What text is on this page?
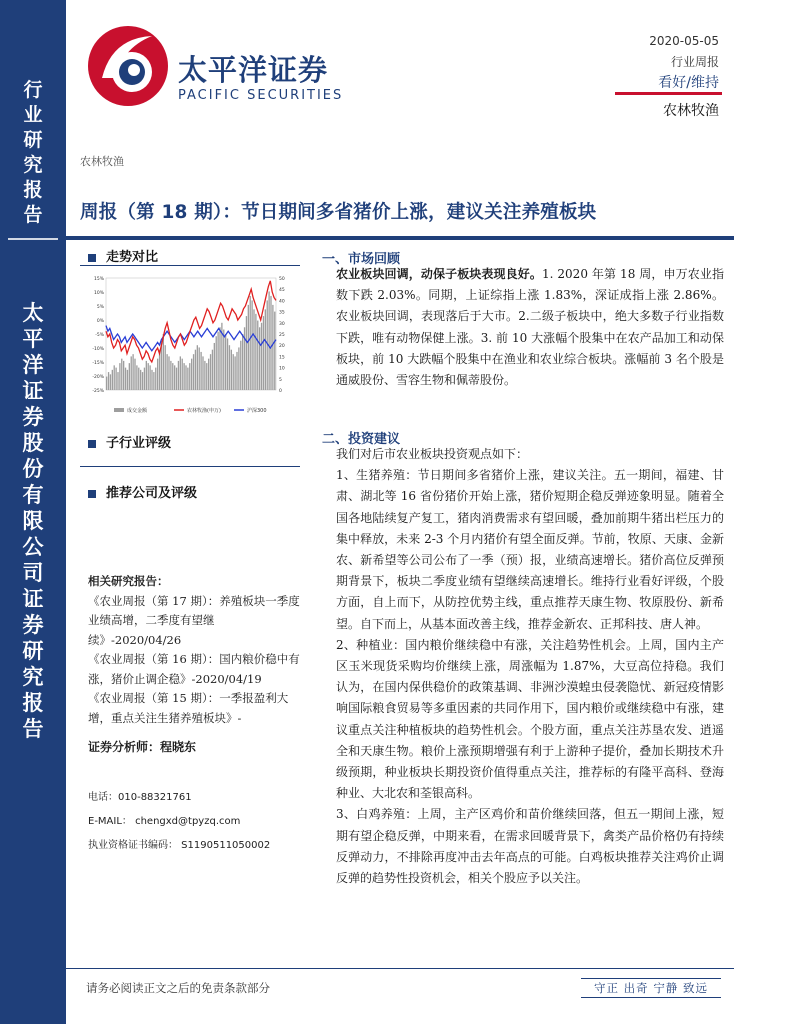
行
业
研
究
报
告
太
平
洋
证
券
股
份
有
限
公
司
证
券
研
究
报
告
太平洋证券
PACIFIC SECURITIES
2020-05-05
行业周报
看好/维持
农林牧渔
农林牧渔
周报（第 18 期）：节日期间多省猪价上涨，建议关注养殖板块
走势对比
15%
10%
5%
0%
-5%
-10%
-15%
-20%
-25%
50
45
40
35
30
25
20
15
10
5
0
成交金额	农林牧渔(申万)	沪深300
子行业评级
推荐公司及评级
相关研究报告：
《农业周报（第 17 期）：养殖板块一季度业绩高增，二季度有望继续》-2020/04/26
《农业周报（第 16 期）：国内粮价稳中有涨，猪价止调企稳》-2020/04/19
《农业周报（第 15 期）：一季报盈利大增，重点关注生猪养殖板块》-
证券分析师：程晓东
电话：010-88321761
E-MAIL： chengxd@tpyzq.com
执业资格证书编码： S1190511050002
一、市场回顾
农业板块回调，动保子板块表现良好。1. 2020 年第 18 周，申万农业指数下跌 2.03%。同期，上证综指上涨 1.83%，深证成指上涨 2.86%。农业板块回调，表现落后于大市。2.二级子板块中，绝大多数子行业指数下跌，唯有动物保健上涨。3. 前 10 大涨幅个股集中在农产品加工和动保板块，前 10 大跌幅个股集中在渔业和农业综合板块。涨幅前 3 名个股是通威股份、雪容生物和佩蒂股份。
二、投资建议
我们对后市农业板块投资观点如下：
1、生猪养殖：节日期间多省猪价上涨，建议关注。五一期间，福建、甘肃、湖北等 16 省份猪价开始上涨，猪价短期企稳反弹迹象明显。随着全国各地陆续复产复工，猪肉消费需求有望回暖，叠加前期牛猪出栏压力的集中释放，未来 2-3 个月内猪价有望全面反弹。节前，牧原、天康、金新农、新希望等公司公布了一季（预）报，业绩高速增长。猪价高位反弹预期背景下，板块二季度业绩有望继续高速增长。维持行业看好评级，个股方面，自上而下，从防控优势主线，重点推荐天康生物、牧原股份、新希望。自下而上，从基本面改善主线，推荐金新农、正邦科技、唐人神。
2、种植业：国内粮价继续稳中有涨，关注趋势性机会。上周，国内主产区玉米现货采购均价继续上涨，周涨幅为 1.87%，大豆高位持稳。我们认为，在国内保供稳价的政策基调、非洲沙漠蝗虫侵袭隐忧、新冠疫情影响国际粮食贸易等多重因素的共同作用下，国内粮价或继续稳中有涨，建议重点关注种植板块的趋势性机会。个股方面，重点关注苏垦农发、逍遥全和天康生物。粮价上涨预期增强有利于上游种子提价，叠加长期技术升级预期，种业板块长期投资价值得重点关注，推荐标的有隆平高科、登海种业、大北农和荃银高科。
3、白鸡养殖：上周，主产区鸡价和苗价继续回落，但五一期间上涨，短期有望企稳反弹，中期来看，在需求回暖背景下，禽类产品价格仍有持续反弹动力，不排除再度冲击去年高点的可能。白鸡板块推荐关注鸡价止调反弹的趋势性投资机会，相关个股应予以关注。
请务必阅读正文之后的免责条款部分	守正 出奇 宁静 致远
